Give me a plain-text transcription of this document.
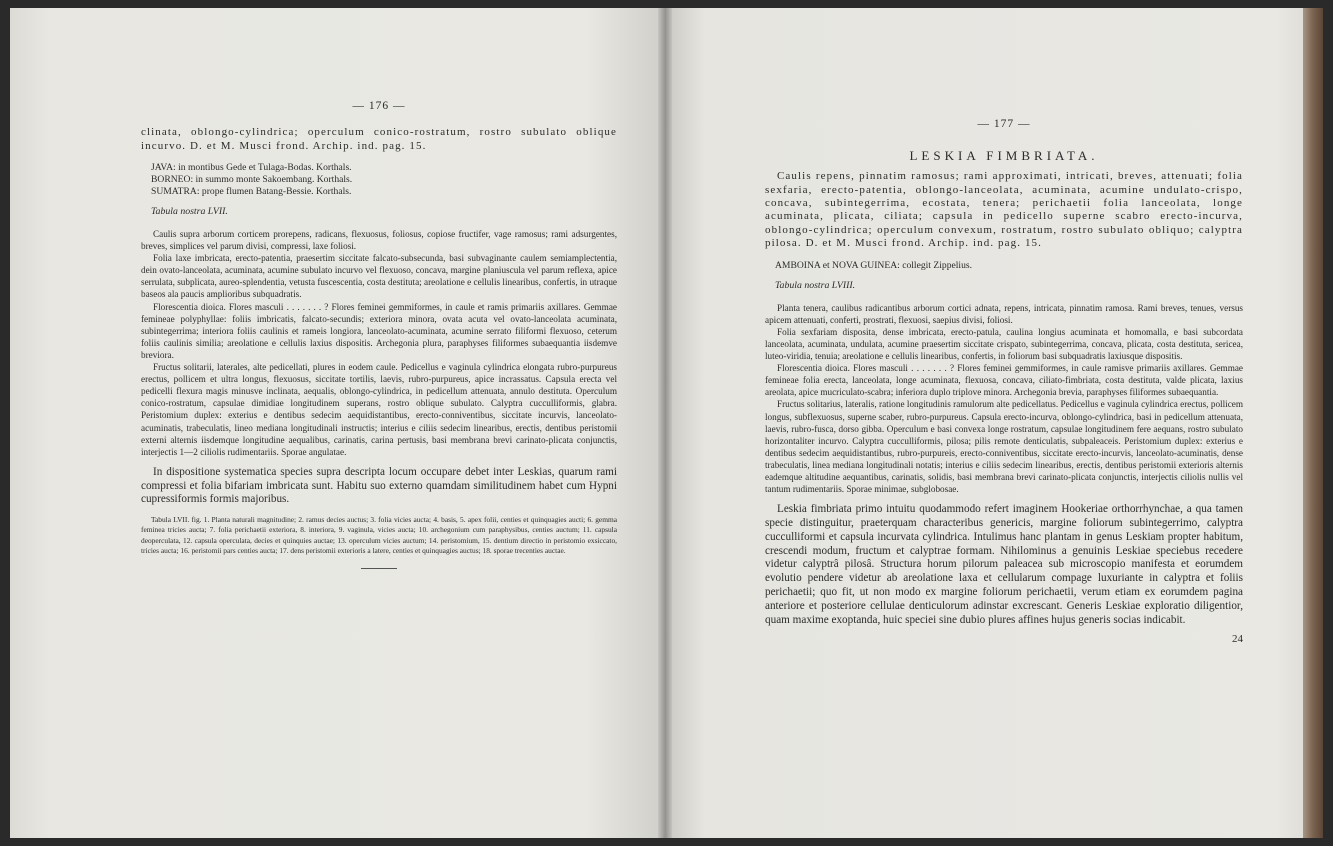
— 176 —

clinata, oblongo-cylindrica; operculum conico-rostratum, rostro subulato oblique incurvo. D. et M. Musci frond. Archip. ind. pag. 15.

JAVA: in montibus Gede et Tulaga-Bodas. Korthals.

BORNEO: in summo monte Sakoembang. Korthals.

SUMATRA: prope flumen Batang-Bessie. Korthals.

Tabula nostra LVII.

Caulis supra arborum corticem prorepens, radicans, flexuosus, foliosus, copiose fructifer, vage ramosus; rami adsurgentes, breves, simplices vel parum divisi, compressi, laxe foliosi.

Folia laxe imbricata, erecto-patentia, praesertim siccitate falcato-subsecunda, basi subvaginante caulem semiamplectentia, dein ovato-lanceolata, acuminata, acumine subulato incurvo vel flexuoso, concava, margine planiuscula vel parum reflexa, apice serrulata, subplicata, aureo-splendentia, vetusta fuscescentia, costa destituta; areolatione e cellulis linearibus, confertis, in utraque baseos ala paucis amplioribus subquadratis.

Florescentia dioica. Flores masculi . . . . . . . ? Flores feminei gemmiformes, in caule et ramis primariis axillares. Gemmae femineae polyphyllae: foliis imbricatis, falcato-secundis; exteriora minora, ovata acuta vel ovato-lanceolata acuminata, subintegerrima; interiora foliis caulinis et rameis longiora, lanceolato-acuminata, acumine serrato filiformi flexuoso, ceterum foliis caulinis similia; areolatione e cellulis laxius dispositis. Archegonia plura, paraphyses filiformes subaequantia iisdemve breviora.

Fructus solitarii, laterales, alte pedicellati, plures in eodem caule. Pedicellus e vaginula cylindrica elongata rubro-purpureus erectus, pollicem et ultra longus, flexuosus, siccitate tortilis, laevis, rubro-purpureus, apice incrassatus. Capsula erecta vel pedicelli flexura magis minusve inclinata, aequalis, oblongo-cylindrica, in pedicellum attenuata, annulo destituta. Operculum conico-rostratum, capsulae dimidiae longitudinem superans, rostro oblique subulato. Calyptra cucculliformis, glabra. Peristomium duplex: exterius e dentibus sedecim aequidistantibus, erecto-conniventibus, siccitate incurvis, lanceolato-acuminatis, trabeculatis, lineo mediana longitudinali instructis; interius e ciliis sedecim linearibus, erectis, dentibus peristomii externi alternis iisdemque longitudine aequalibus, carinatis, carina pertusis, basi membrana brevi carinato-plicata conjunctis, interjectis 1—2 ciliolis rudimentariis. Sporae angulatae.

In dispositione systematica species supra descripta locum occupare debet inter Leskias, quarum rami compressi et folia bifariam imbricata sunt. Habitu suo externo quamdam similitudinem habet cum Hypni cupressiformis formis majoribus.

Tabula LVII. fig. 1. Planta naturali magnitudine; 2. ramus decies auctus; 3. folia vicies aucta; 4. basis, 5. apex folii, centies et quinquagies aucti; 6. gemma feminea tricies aucta; 7. folia perichaetii exteriora, 8. interiora, 9. vaginula, vicies aucta; 10. archegonium cum paraphysibus, centies auctum; 11. capsula deoperculata, 12. capsula operculata, decies et quinquies auctae; 13. operculum vicies auctum; 14. peristomium, 15. dentium directio in peristomio exsiccato, tricies aucta; 16. peristomii pars centies aucta; 17. dens peristomii exterioris a latere, centies et quinquagies auctus; 18. sporae trecenties auctae.

— 177 —
LESKIA FIMBRIATA.

Caulis repens, pinnatim ramosus; rami approximati, intricati, breves, attenuati; folia sexfaria, erecto-patentia, oblongo-lanceolata, acuminata, acumine undulato-crispo, concava, subintegerrima, ecostata, tenera; perichaetii folia lanceolata, longe acuminata, plicata, ciliata; capsula in pedicello superne scabro erecto-incurva, oblongo-cylindrica; operculum convexum, rostratum, rostro subulato obliquo; calyptra pilosa. D. et M. Musci frond. Archip. ind. pag. 15.

AMBOINA et NOVA GUINEA: collegit Zippelius.

Tabula nostra LVIII.

Planta tenera, caulibus radicantibus arborum cortici adnata, repens, intricata, pinnatim ramosa. Rami breves, tenues, versus apicem attenuati, conferti, prostrati, flexuosi, saepius divisi, foliosi.

Folia sexfariam disposita, dense imbricata, erecto-patula, caulina longius acuminata et homomalla, e basi subcordata lanceolata, acuminata, undulata, acumine praesertim siccitate crispato, subintegerrima, concava, plicata, costa destituta, sericea, luteo-viridia, tenuia; areolatione e cellulis linearibus, confertis, in foliorum basi subquadratis laxiusque dispositis.

Florescentia dioica. Flores masculi . . . . . . . ? Flores feminei gemmiformes, in caule ramisve primariis axillares. Gemmae femineae folia erecta, lanceolata, longe acuminata, flexuosa, concava, ciliato-fimbriata, costa destituta, valde plicata, laxius areolata, apice mucriculato-scabra; inferiora duplo triplove minora. Archegonia brevia, paraphyses filiformes subaequantia.

Fructus solitarius, lateralis, ratione longitudinis ramulorum alte pedicellatus. Pedicellus e vaginula cylindrica erectus, pollicem longus, subflexuosus, superne scaber, rubro-purpureus. Capsula erecto-incurva, oblongo-cylindrica, basi in pedicellum attenuata, laevis, rubro-fusca, dorso gibba. Operculum e basi convexa longe rostratum, capsulae longitudinem fere aequans, rostro subulato horizontaliter incurvo. Calyptra cucculliformis, pilosa; pilis remote denticulatis, subpaleaceis. Peristomium duplex: exterius e dentibus sedecim aequidistantibus, rubro-purpureis, erecto-conniventibus, siccitate erecto-incurvis, lanceolato-acuminatis, dense trabeculatis, linea mediana longitudinali notatis; interius e ciliis sedecim linearibus, erectis, dentibus peristomii exterioris alternis eademque altitudine aequantibus, carinatis, solidis, basi membrana brevi carinato-plicata conjunctis, interjectis ciliolis nullis vel tantum rudimentariis. Sporae minimae, subglobosae.

Leskia fimbriata primo intuitu quodammodo refert imaginem Hookeriae orthorrhynchae, a qua tamen specie distinguitur, praeterquam characteribus genericis, margine foliorum subintegerrimo, calyptra cucculliformi et capsula incurvata cylindrica. Intulimus hanc plantam in genus Leskiam propter habitum, crescendi modum, fructum et calyptrae formam. Nihilominus a genuinis Leskiae speciebus recedere videtur calyptrâ pilosâ. Structura horum pilorum paleacea sub microscopio manifesta et eorumdem evolutio pendere videtur ab areolatione laxa et cellularum compage luxuriante in calyptra et foliis perichaetii; quo fit, ut non modo ex margine foliorum perichaetii, verum etiam ex eorumdem pagina anteriore et posteriore cellulae denticulorum adinstar excrescant. Generis Leskiae exploratio diligentior, quam maxime exoptanda, huic speciei sine dubio plures affines hujus generis socias indicabit.

24
